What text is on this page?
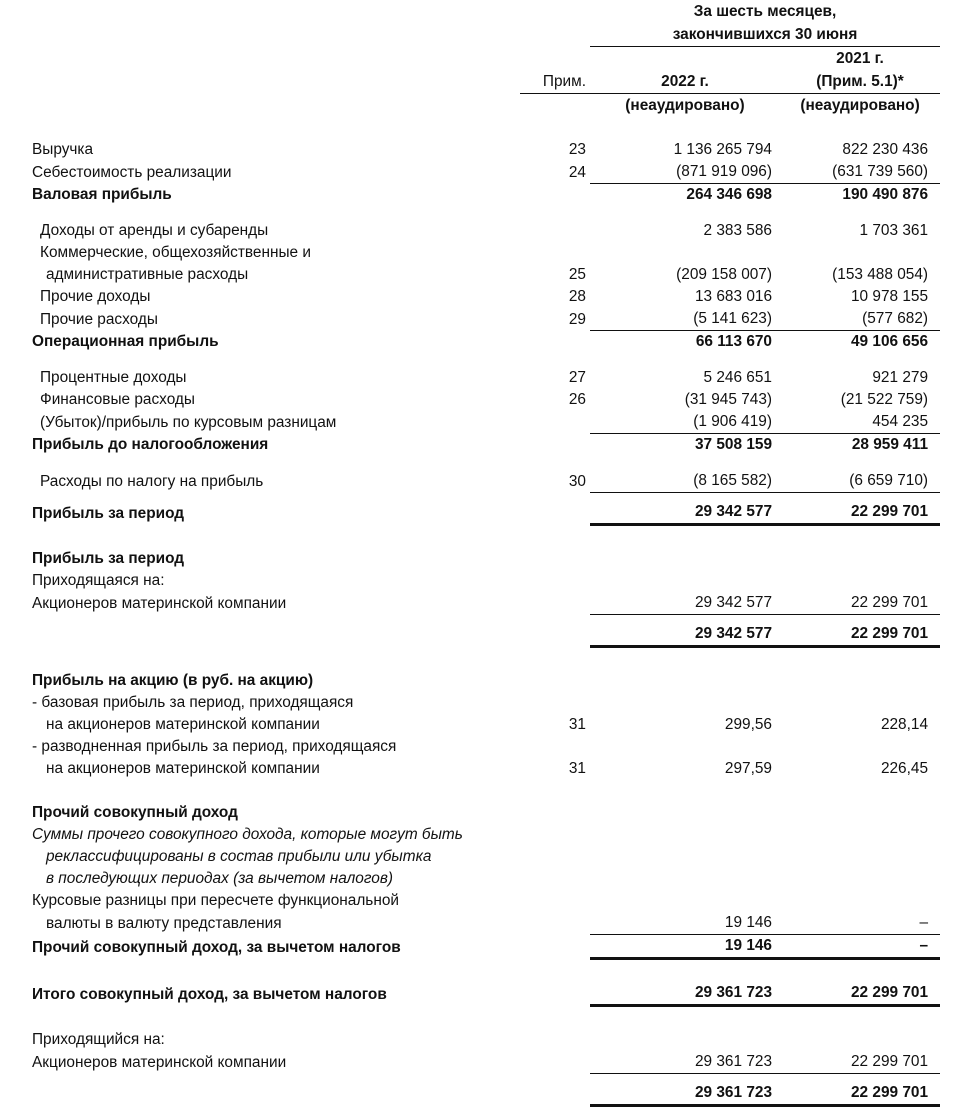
		За шесть месяцев,		
		закончившихся 30 июня		
			2021 г.	
	Прим.	2022 г.	(Прим. 5.1)*	
		(неаудировано)	(неаудировано)	

Выручка	23	1 136 265 794	822 230 436	
Себестоимость реализации	24	(871 919 096)	(631 739 560)	
Валовая прибыль		264 346 698	190 490 876	

Доходы от аренды и субаренды		2 383 586	1 703 361	
Коммерческие, общехозяйственные и				
административные расходы	25	(209 158 007)	(153 488 054)	
Прочие доходы	28	13 683 016	10 978 155	
Прочие расходы	29	(5 141 623)	(577 682)	
Операционная прибыль		66 113 670	49 106 656	

Процентные доходы	27	5 246 651	921 279	
Финансовые расходы	26	(31 945 743)	(21 522 759)	
(Убыток)/прибыль по курсовым разницам		(1 906 419)	454 235	
Прибыль до налогообложения		37 508 159	28 959 411	

Расходы по налогу на прибыль	30	(8 165 582)	(6 659 710)	

Прибыль за период		29 342 577	22 299 701	

Прибыль за период				
Приходящаяся на:				
Акционеров материнской компании		29 342 577	22 299 701	

		29 342 577	22 299 701	

Прибыль на акцию (в руб. на акцию)				
- базовая прибыль за период, приходящаяся				
на акционеров материнской компании	31	299,56	228,14	
- разводненная прибыль за период, приходящаяся				
на акционеров материнской компании	31	297,59	226,45	

Прочий совокупный доход				
Суммы прочего совокупного дохода, которые могут быть				
реклассифицированы в состав прибыли или убытка				
в последующих периодах (за вычетом налогов)				
Курсовые разницы при пересчете функциональной				
валюты в валюту представления		19 146	–	
Прочий совокупный доход, за вычетом налогов		19 146	–	

Итого совокупный доход, за вычетом налогов		29 361 723	22 299 701	

Приходящийся на:				
Акционеров материнской компании		29 361 723	22 299 701	

		29 361 723	22 299 701	
